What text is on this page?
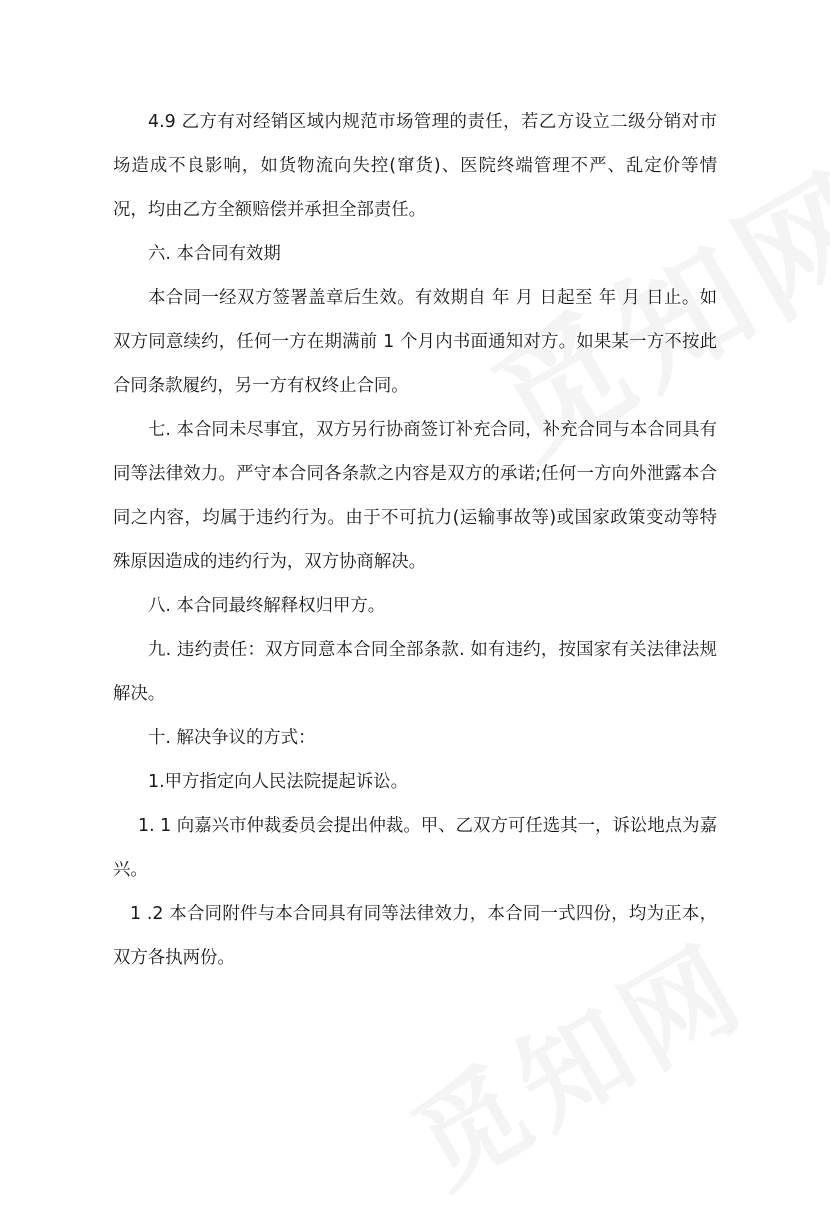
4.9 乙方有对经销区域内规范市场管理的责任，若乙方设立二级分销对市场造成不良影响，如货物流向失控(窜货)、医院终端管理不严、乱定价等情况，均由乙方全额赔偿并承担全部责任。

六. 本合同有效期

本合同一经双方签署盖章后生效。有效期自 年 月 日起至 年 月 日止。如双方同意续约，任何一方在期满前 1 个月内书面通知对方。如果某一方不按此合同条款履约，另一方有权终止合同。

七. 本合同未尽事宜，双方另行协商签订补充合同，补充合同与本合同具有同等法律效力。严守本合同各条款之内容是双方的承诺;任何一方向外泄露本合同之内容，均属于违约行为。由于不可抗力(运输事故等)或国家政策变动等特殊原因造成的违约行为，双方协商解决。

八. 本合同最终解释权归甲方。

九. 违约责任：双方同意本合同全部条款. 如有违约，按国家有关法律法规解决。

十. 解决争议的方式：

1.甲方指定向人民法院提起诉讼。

1. 1 向嘉兴市仲裁委员会提出仲裁。甲、乙双方可任选其一，诉讼地点为嘉兴。

1 .2 本合同附件与本合同具有同等法律效力，本合同一式四份，均为正本，双方各执两份。
